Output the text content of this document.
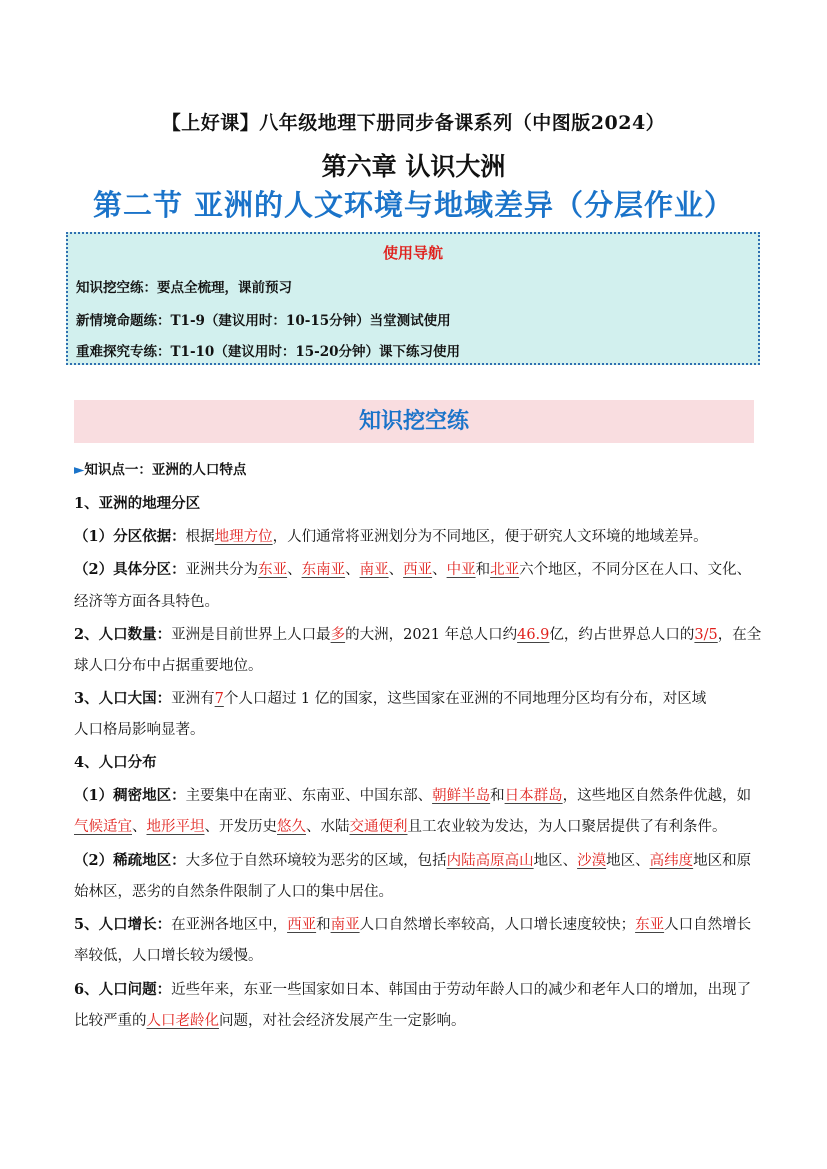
【上好课】八年级地理下册同步备课系列（中图版2024）
第六章 认识大洲
第二节 亚洲的人文环境与地域差异（分层作业）
使用导航
知识挖空练：要点全梳理，课前预习
新情境命题练：T1-9（建议用时：10-15分钟）当堂测试使用
重难探究专练：T1-10（建议用时：15-20分钟）课下练习使用
知识挖空练
►知识点一：亚洲的人口特点
1、亚洲的地理分区
（1）分区依据：根据地理方位，人们通常将亚洲划分为不同地区，便于研究人文环境的地域差异。
（2）具体分区：亚洲共分为东亚、东南亚、南亚、西亚、中亚和北亚六个地区，不同分区在人口、文化、
经济等方面各具特色。
2、人口数量：亚洲是目前世界上人口最多的大洲，2021 年总人口约46.9亿，约占世界总人口的3/5，在全
球人口分布中占据重要地位。
3、人口大国：亚洲有7个人口超过 1 亿的国家，这些国家在亚洲的不同地理分区均有分布，对区域
人口格局影响显著。
4、人口分布
（1）稠密地区：主要集中在南亚、东南亚、中国东部、朝鲜半岛和日本群岛，这些地区自然条件优越，如
气候适宜、地形平坦、开发历史悠久、水陆交通便利且工农业较为发达，为人口聚居提供了有利条件。
（2）稀疏地区：大多位于自然环境较为恶劣的区域，包括内陆高原高山地区、沙漠地区、高纬度地区和原
始林区，恶劣的自然条件限制了人口的集中居住。
5、人口增长：在亚洲各地区中，西亚和南亚人口自然增长率较高，人口增长速度较快；东亚人口自然增长
率较低，人口增长较为缓慢。
6、人口问题：近些年来，东亚一些国家如日本、韩国由于劳动年龄人口的减少和老年人口的增加，出现了
比较严重的人口老龄化问题，对社会经济发展产生一定影响。
